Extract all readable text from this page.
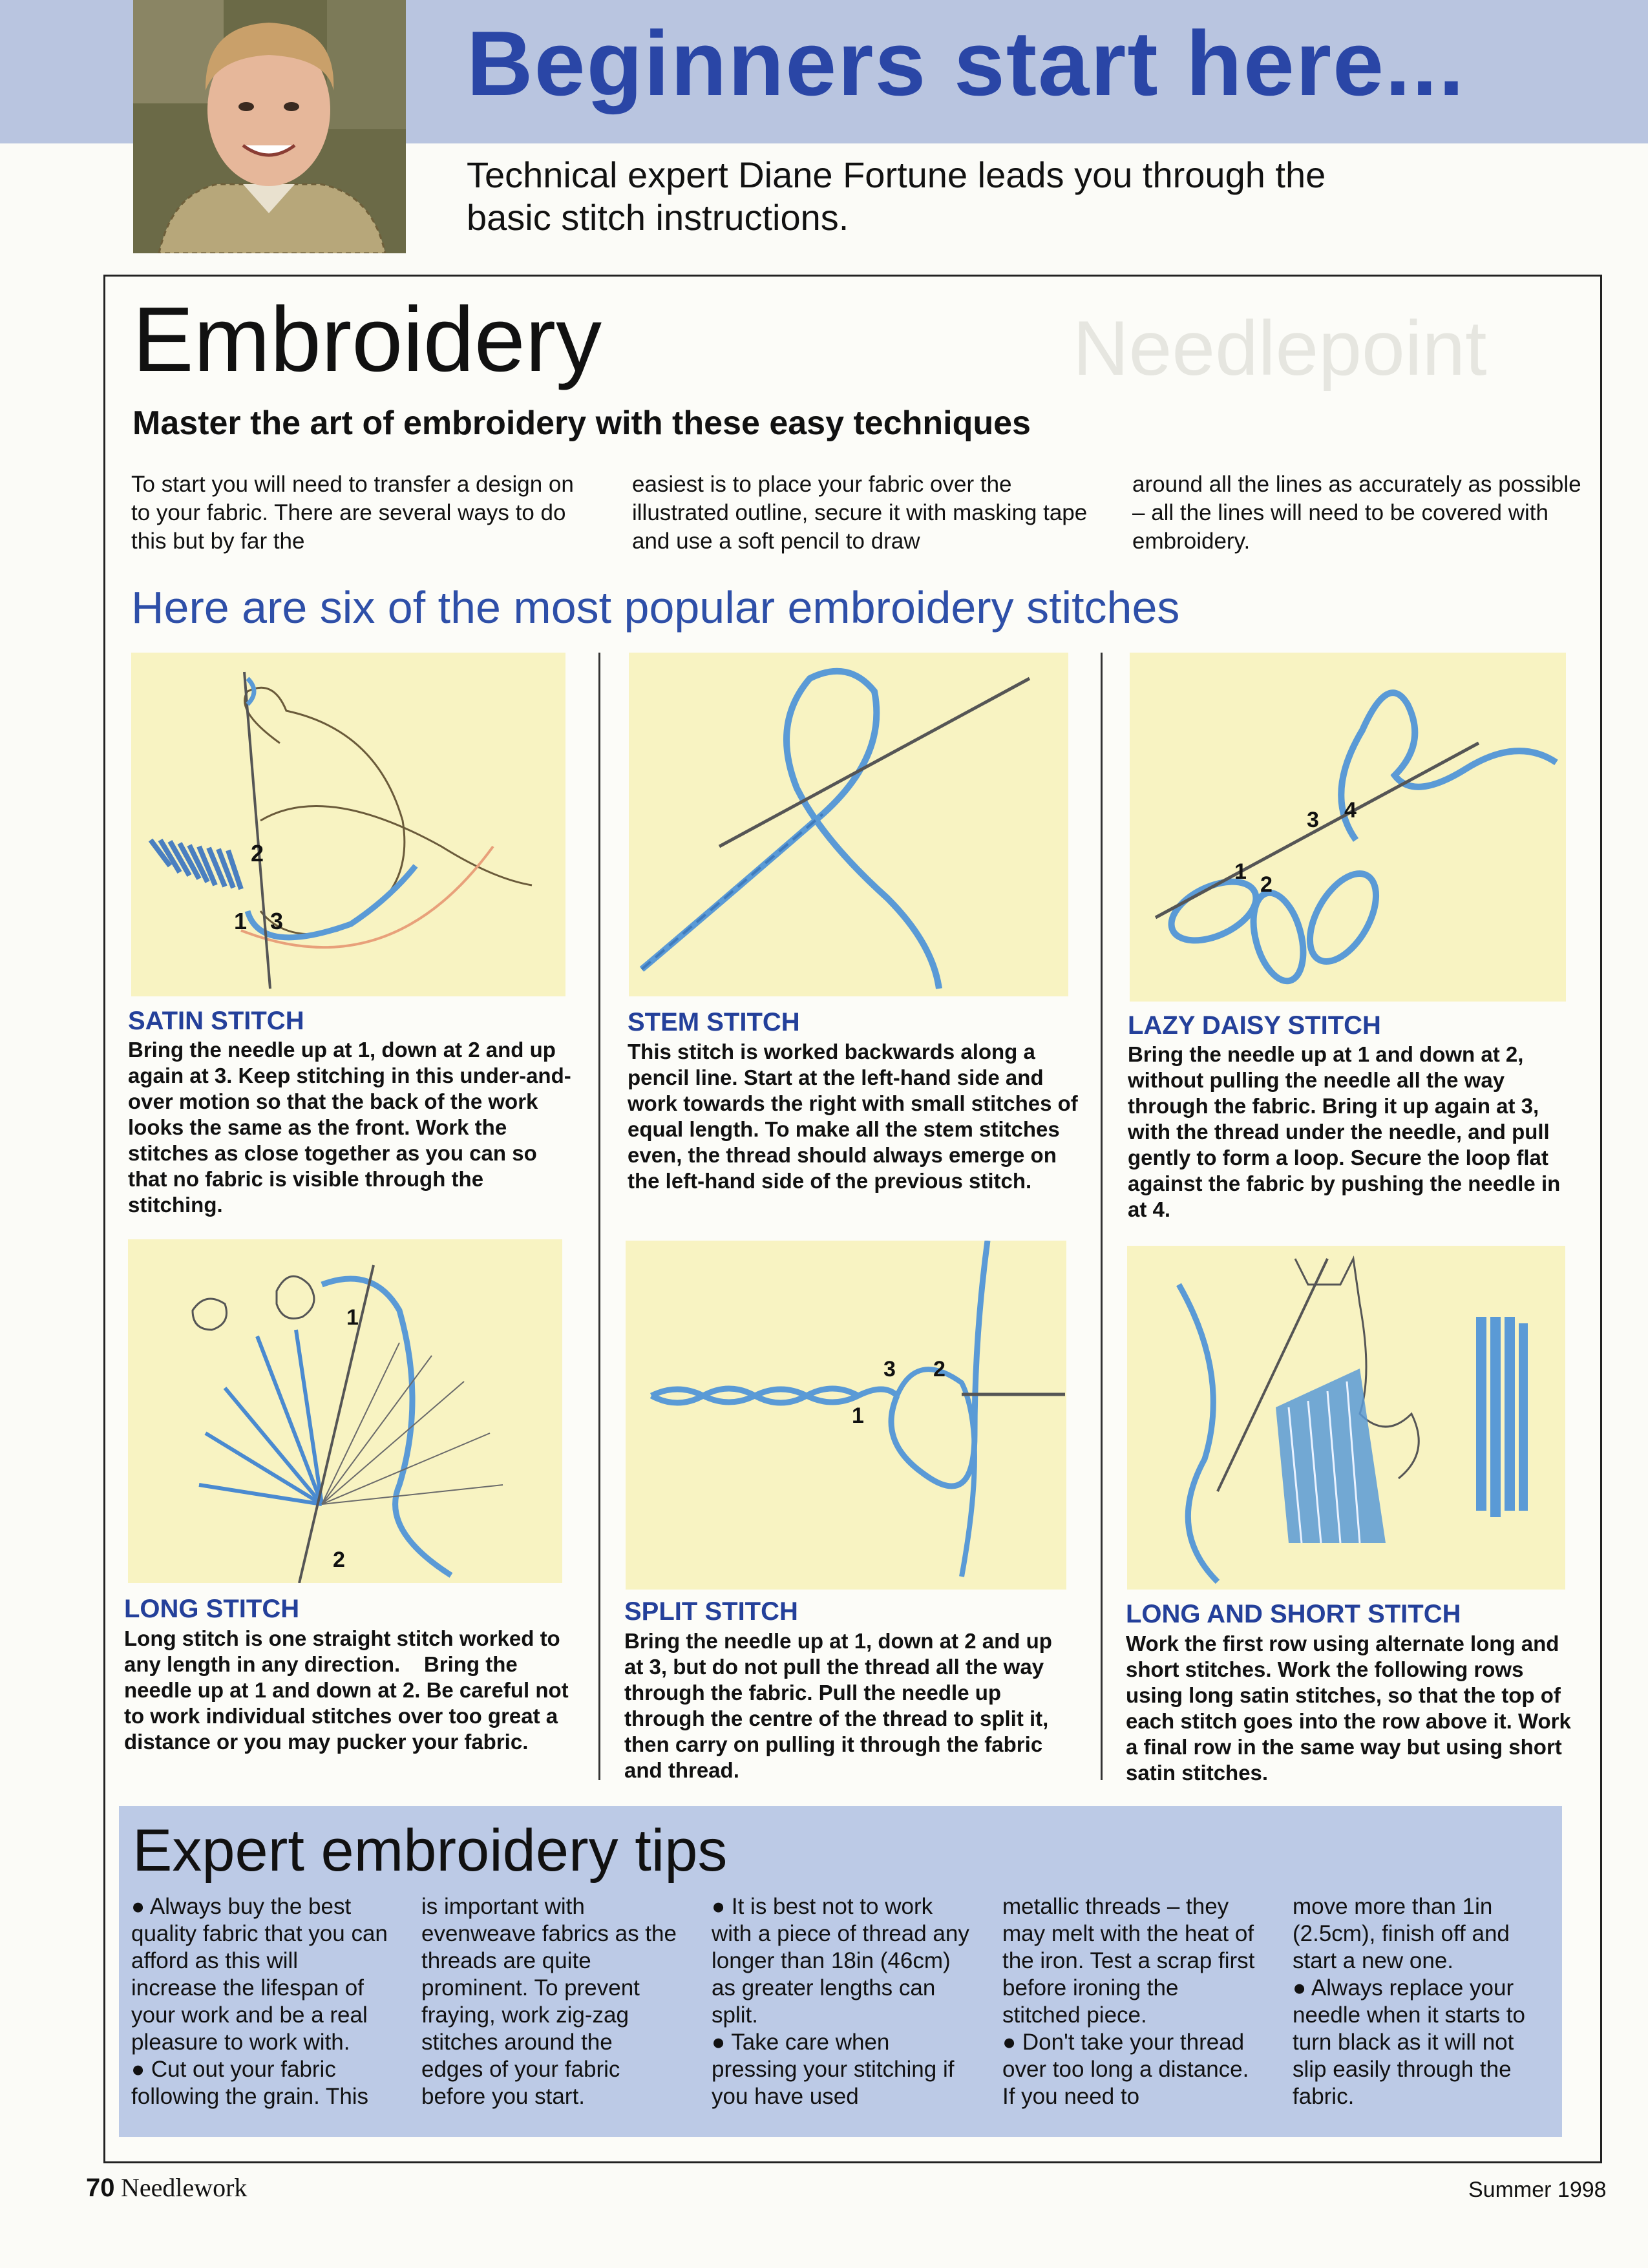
Beginners start here...
Technical expert Diane Fortune leads you through the basic stitch instructions.
Needlepoint
Embroidery
Master the art of embroidery with these easy techniques
To start you will need to transfer a design on to your fabric. There are several ways to do this but by far the
easiest is to place your fabric over the illustrated outline, secure it with masking tape and use a soft pencil to draw
around all the lines as accurately as possible – all the lines will need to be covered with embroidery.
Here are six of the most popular embroidery stitches
2
1 3
SATIN STITCH
Bring the needle up at 1, down at 2 and up again at 3. Keep stitching in this under-and-over motion so that the back of the work looks the same as the front. Work the stitches as close together as you can so that no fabric is visible through the stitching.
STEM STITCH
This stitch is worked backwards along a pencil line. Start at the left-hand side and work towards the right with small stitches of equal length. To make all the stem stitches even, the thread should always emerge on the left-hand side of the previous stitch.
3 4
1
2
LAZY DAISY STITCH
Bring the needle up at 1 and down at 2, without pulling the needle all the way through the fabric. Bring it up again at 3, with the thread under the needle, and pull gently to form a loop. Secure the loop flat against the fabric by pushing the needle in at 4.
1
2
LONG STITCH
Long stitch is one straight stitch worked to any length in any direction.    Bring the needle up at 1 and down at 2. Be careful not to work individual stitches over too great a distance or you may pucker your fabric.
3 2
1
SPLIT STITCH
Bring the needle up at 1, down at 2 and up at 3, but do not pull the thread all the way through the fabric. Pull the needle up through the centre of the thread to split it, then carry on pulling it through the fabric and thread.
LONG AND SHORT STITCH
Work the first row using alternate long and short stitches. Work the following rows using long satin stitches, so that the top of each stitch goes into the row above it. Work a final row in the same way but using short satin stitches.
Expert embroidery tips

● Always buy the best quality fabric that you can afford as this will increase the lifespan of your work and be a real pleasure to work with.

● Cut out your fabric following the grain. This

is important with evenweave fabrics as the threads are quite prominent. To prevent fraying, work zig-zag stitches around the edges of your fabric before you start.

● It is best not to work with a piece of thread any longer than 18in (46cm) as greater lengths can split.

● Take care when pressing your stitching if you have used

metallic threads – they may melt with the heat of the iron. Test a scrap first before ironing the stitched piece.

● Don't take your thread over too long a distance. If you need to

move more than 1in (2.5cm), finish off and start a new one.

● Always replace your needle when it starts to turn black as it will not slip easily through the fabric.

70 Needlework	Summer 1998
